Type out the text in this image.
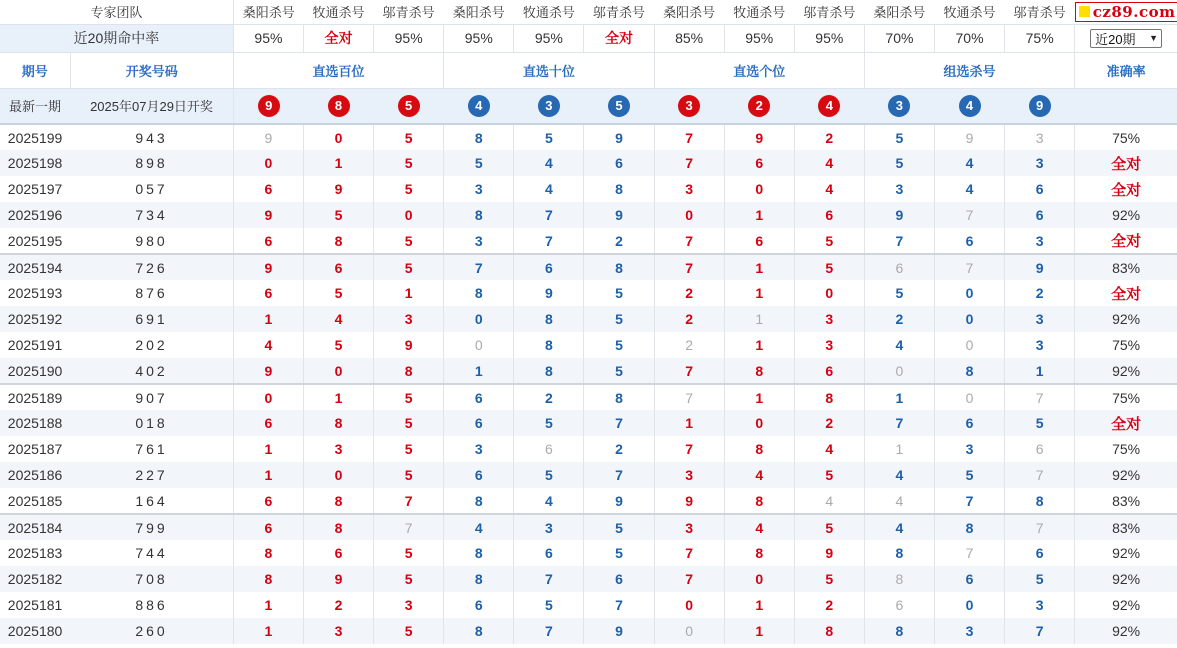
专家团队		桑阳杀号	牧通杀号	邬青杀号	桑阳杀号	牧通杀号	邬青杀号	桑阳杀号	牧通杀号	邬青杀号	桑阳杀号	牧通杀号	邬青杀号	cz89.com

近20期命中率		95%	全对	95%	95%	95%	全对	85%	95%	95%	70%	70%	75%	近20期 ▼

期号	开奖号码	直选百位			直选十位			直选个位			组选杀号			准确率
最新一期	2025年07月29日开奖	9	8	5	4	3	5	3	2	4	3	4	9	
2025199	943	9	0	5	8	5	9	7	9	2	5	9	3	75%
2025198	898	0	1	5	5	4	6	7	6	4	5	4	3	全对
2025197	057	6	9	5	3	4	8	3	0	4	3	4	6	全对
2025196	734	9	5	0	8	7	9	0	1	6	9	7	6	92%
2025195	980	6	8	5	3	7	2	7	6	5	7	6	3	全对
2025194	726	9	6	5	7	6	8	7	1	5	6	7	9	83%
2025193	876	6	5	1	8	9	5	2	1	0	5	0	2	全对
2025192	691	1	4	3	0	8	5	2	1	3	2	0	3	92%
2025191	202	4	5	9	0	8	5	2	1	3	4	0	3	75%
2025190	402	9	0	8	1	8	5	7	8	6	0	8	1	92%
2025189	907	0	1	5	6	2	8	7	1	8	1	0	7	75%
2025188	018	6	8	5	6	5	7	1	0	2	7	6	5	全对
2025187	761	1	3	5	3	6	2	7	8	4	1	3	6	75%
2025186	227	1	0	5	6	5	7	3	4	5	4	5	7	92%
2025185	164	6	8	7	8	4	9	9	8	4	4	7	8	83%
2025184	799	6	8	7	4	3	5	3	4	5	4	8	7	83%
2025183	744	8	6	5	8	6	5	7	8	9	8	7	6	92%
2025182	708	8	9	5	8	7	6	7	0	5	8	6	5	92%
2025181	886	1	2	3	6	5	7	0	1	2	6	0	3	92%
2025180	260	1	3	5	8	7	9	0	1	8	8	3	7	92%
